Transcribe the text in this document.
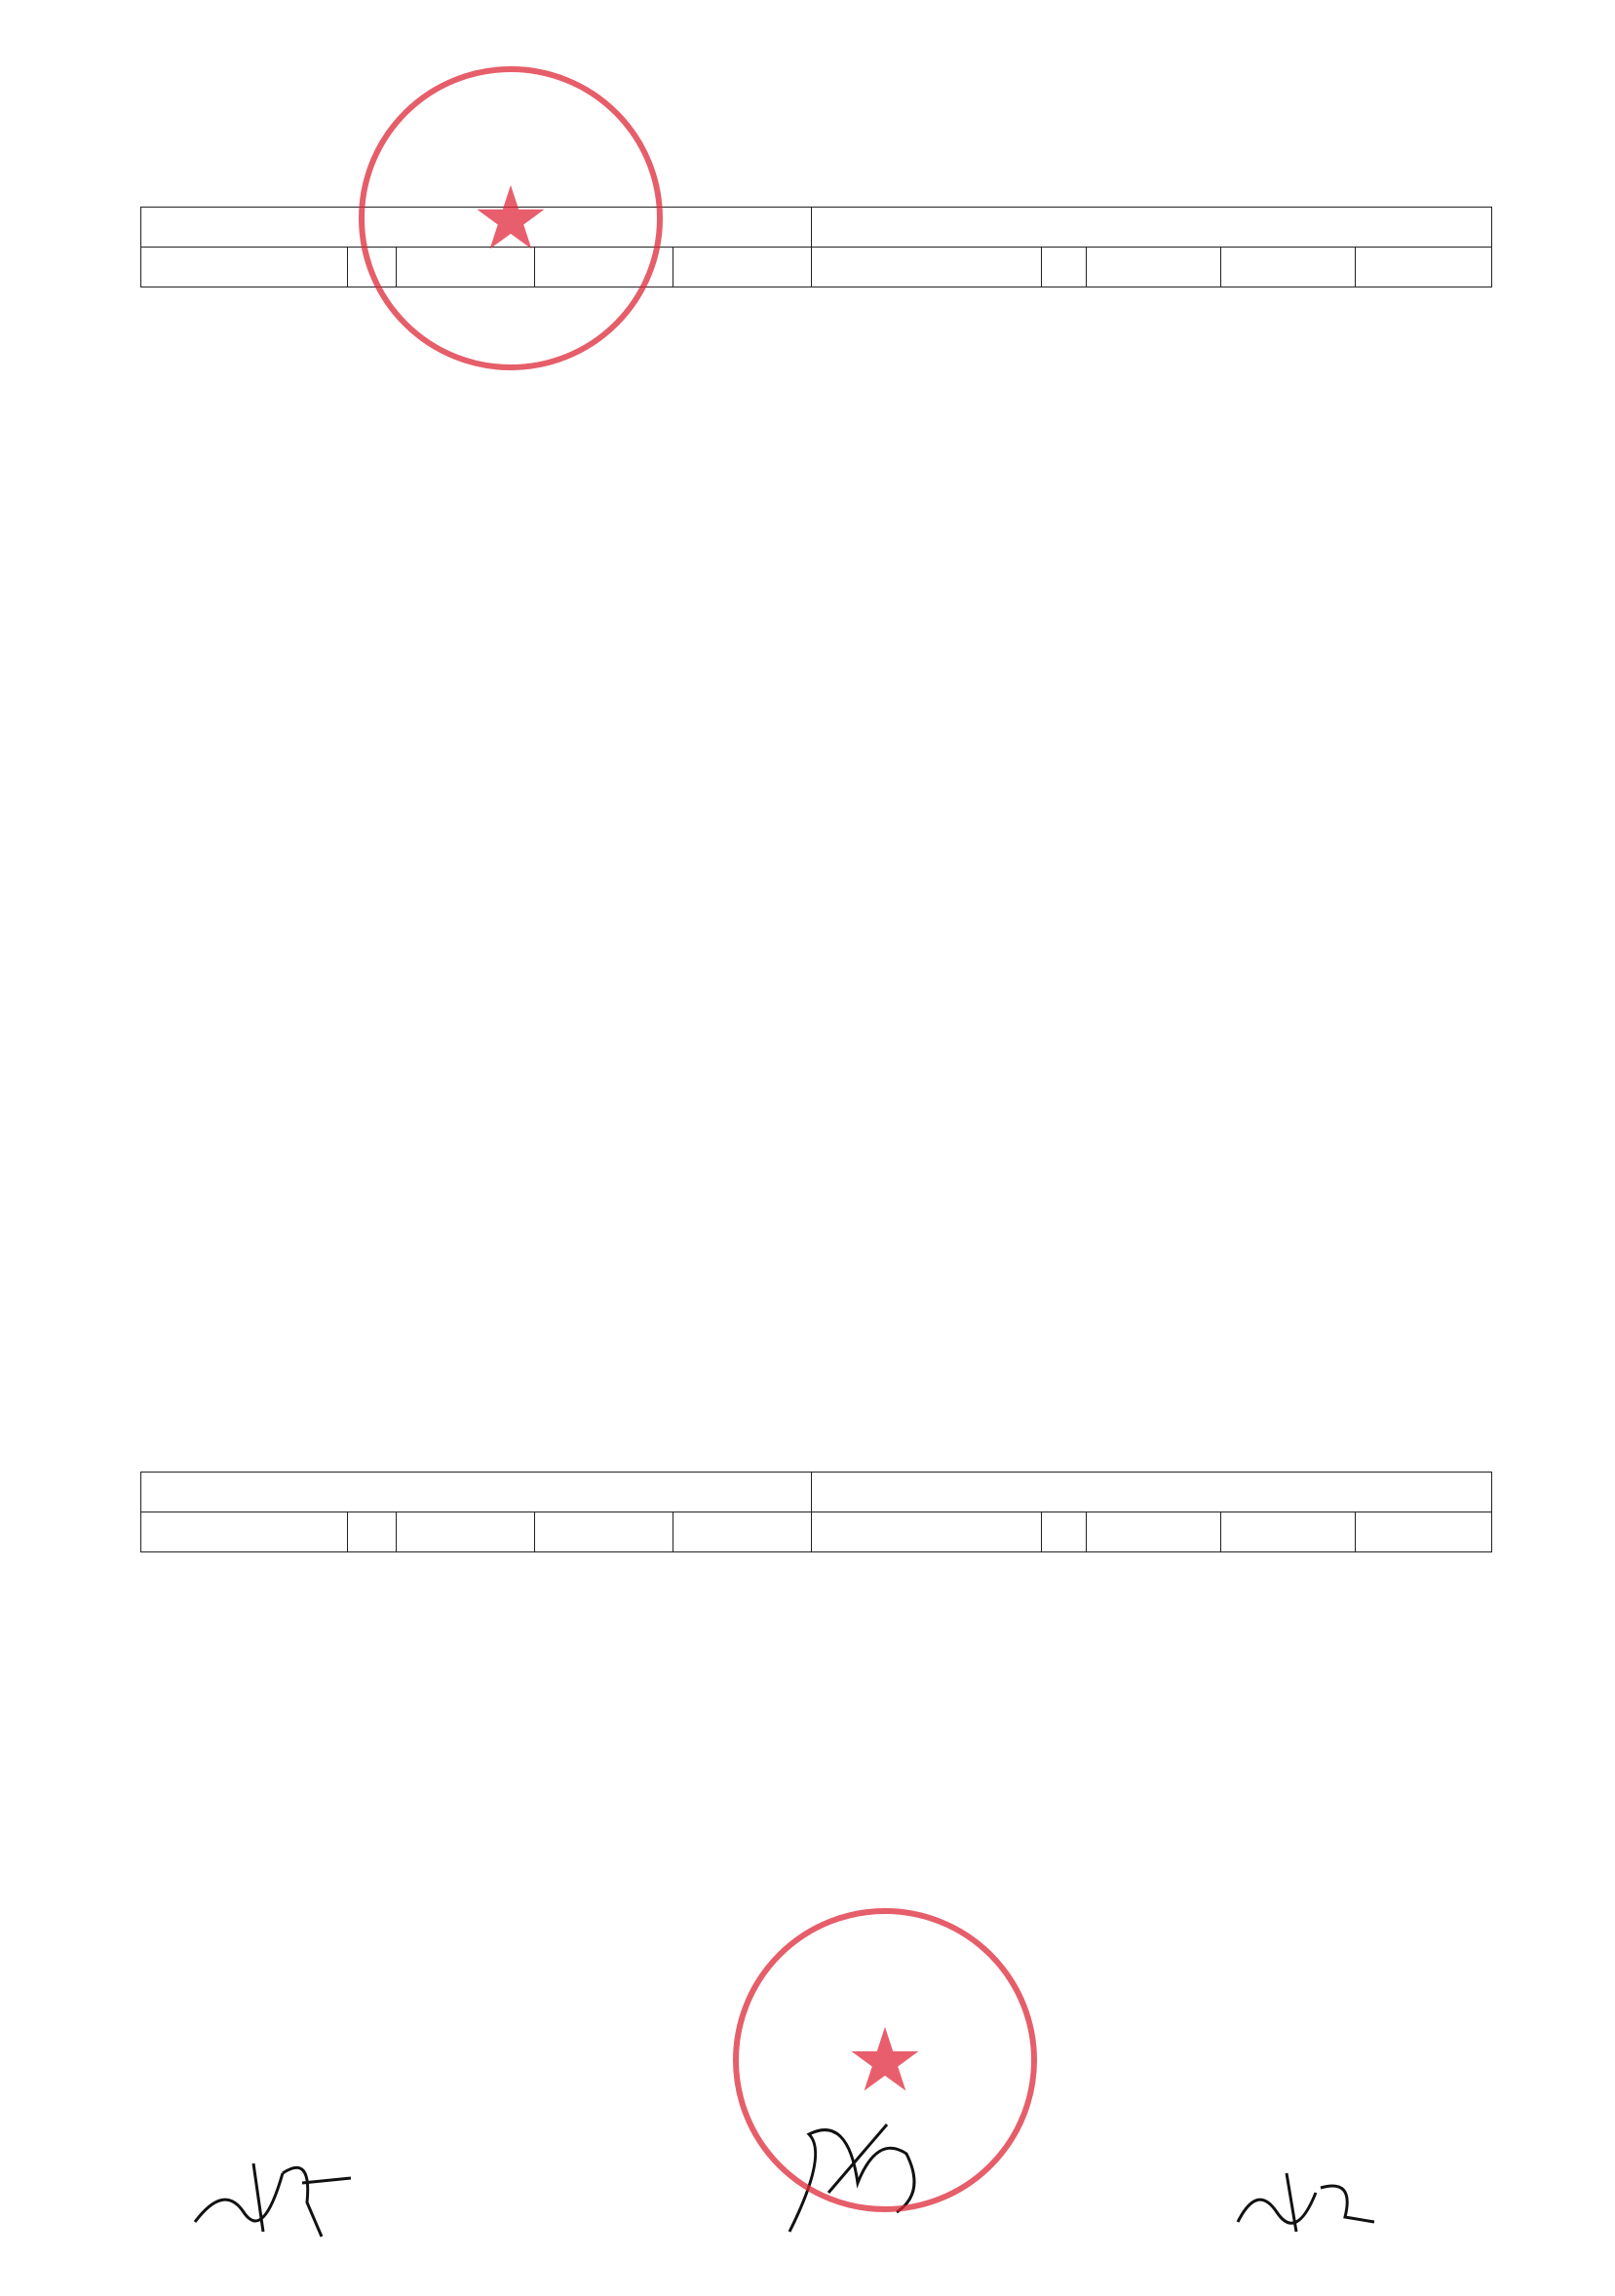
★
★
